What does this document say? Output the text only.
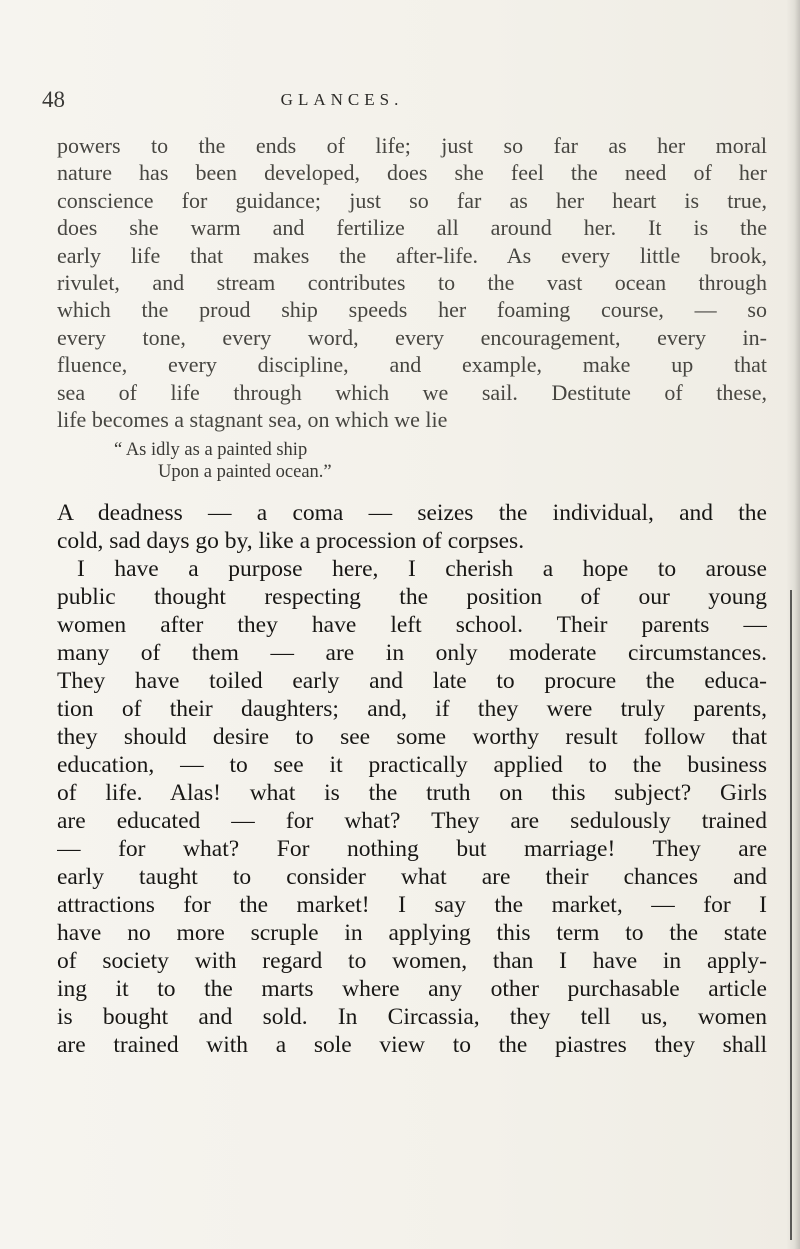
48	GLANCES.
powers to the ends of life; just so far as her moral
nature has been developed, does she feel the need of her
conscience for guidance; just so far as her heart is true,
does she warm and fertilize all around her. It is the
early life that makes the after-life. As every little brook,
rivulet, and stream contributes to the vast ocean through
which the proud ship speeds her foaming course, — so
every tone, every word, every encouragement, every in-
fluence, every discipline, and example, make up that
sea of life through which we sail. Destitute of these,
life becomes a stagnant sea, on which we lie
“ As idly as a painted ship
Upon a painted ocean.”
A deadness — a coma — seizes the individual, and the
cold, sad days go by, like a procession of corpses.
I have a purpose here, I cherish a hope to arouse
public thought respecting the position of our young
women after they have left school. Their parents —
many of them — are in only moderate circumstances.
They have toiled early and late to procure the educa-
tion of their daughters; and, if they were truly parents,
they should desire to see some worthy result follow that
education, — to see it practically applied to the business
of life. Alas! what is the truth on this subject? Girls
are educated — for what? They are sedulously trained
— for what? For nothing but marriage! They are
early taught to consider what are their chances and
attractions for the market! I say the market, — for I
have no more scruple in applying this term to the state
of society with regard to women, than I have in apply-
ing it to the marts where any other purchasable article
is bought and sold. In Circassia, they tell us, women
are trained with a sole view to the piastres they shall
